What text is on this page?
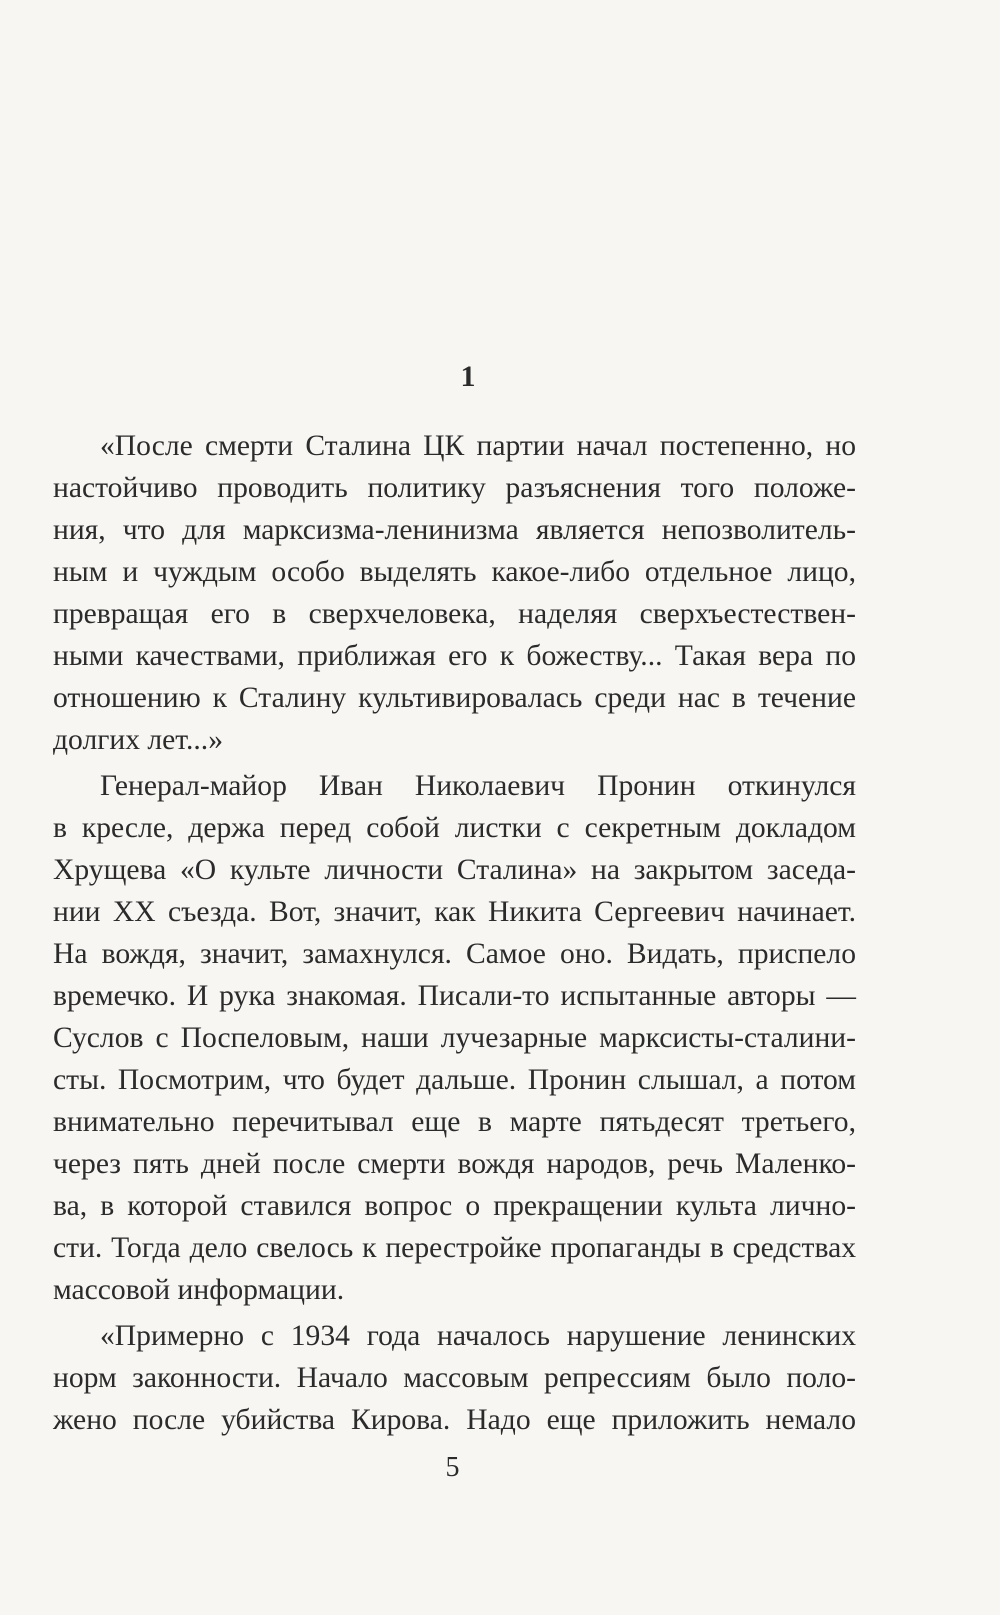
1
«После смерти Сталина ЦК партии начал постепенно, но
настойчиво проводить политику разъяснения того положе-
ния, что для марксизма-ленинизма является непозволитель-
ным и чуждым особо выделять какое-либо отдельное лицо,
превращая его в сверхчеловека, наделяя сверхъестествен-
ными качествами, приближая его к божеству... Такая вера по
отношению к Сталину культивировалась среди нас в течение
долгих лет...»
Генерал-майор Иван Николаевич Пронин откинулся
в кресле, держа перед собой листки с секретным докладом
Хрущева «О культе личности Сталина» на закрытом заседа-
нии XX съезда. Вот, значит, как Никита Сергеевич начинает.
На вождя, значит, замахнулся. Самое оно. Видать, приспело
времечко. И рука знакомая. Писали-то испытанные авторы —
Суслов с Поспеловым, наши лучезарные марксисты-сталини-
сты. Посмотрим, что будет дальше. Пронин слышал, а потом
внимательно перечитывал еще в марте пятьдесят третьего,
через пять дней после смерти вождя народов, речь Маленко-
ва, в которой ставился вопрос о прекращении культа лично-
сти. Тогда дело свелось к перестройке пропаганды в средствах
массовой информации.
«Примерно с 1934 года началось нарушение ленинских
норм законности. Начало массовым репрессиям было поло-
жено после убийства Кирова. Надо еще приложить немало
5
